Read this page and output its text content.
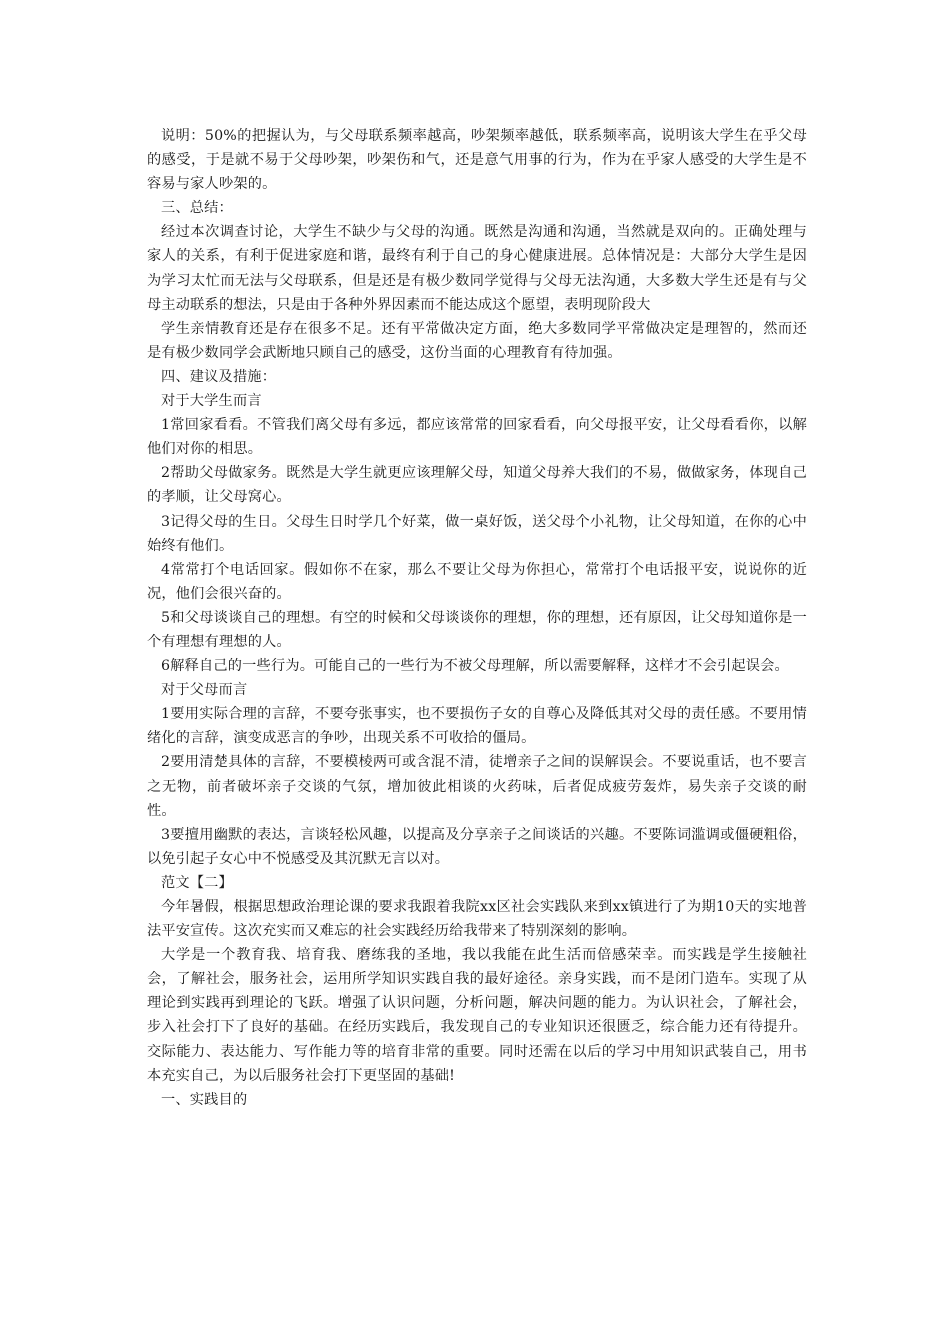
说明：50%的把握认为，与父母联系频率越高，吵架频率越低，联系频率高，说明该大学生在乎父母的感受，于是就不易于父母吵架，吵架伤和气，还是意气用事的行为，作为在乎家人感受的大学生是不容易与家人吵架的。

三、总结：

经过本次调查讨论，大学生不缺少与父母的沟通。既然是沟通和沟通，当然就是双向的。正确处理与家人的关系，有利于促进家庭和谐，最终有利于自己的身心健康进展。总体情况是：大部分大学生是因为学习太忙而无法与父母联系，但是还是有极少数同学觉得与父母无法沟通，大多数大学生还是有与父母主动联系的想法，只是由于各种外界因素而不能达成这个愿望，表明现阶段大

学生亲情教育还是存在很多不足。还有平常做决定方面，绝大多数同学平常做决定是理智的，然而还是有极少数同学会武断地只顾自己的感受，这份当面的心理教育有待加强。

四、建议及措施：

对于大学生而言

1常回家看看。不管我们离父母有多远，都应该常常的回家看看，向父母报平安，让父母看看你，以解他们对你的相思。

2帮助父母做家务。既然是大学生就更应该理解父母，知道父母养大我们的不易，做做家务，体现自己的孝顺，让父母窝心。

3记得父母的生日。父母生日时学几个好菜，做一桌好饭，送父母个小礼物，让父母知道，在你的心中始终有他们。

4常常打个电话回家。假如你不在家，那么不要让父母为你担心，常常打个电话报平安，说说你的近况，他们会很兴奋的。

5和父母谈谈自己的理想。有空的时候和父母谈谈你的理想，你的理想，还有原因，让父母知道你是一个有理想有理想的人。

6解释自己的一些行为。可能自己的一些行为不被父母理解，所以需要解释，这样才不会引起误会。

对于父母而言

1要用实际合理的言辞，不要夸张事实，也不要损伤子女的自尊心及降低其对父母的责任感。不要用情绪化的言辞，演变成恶言的争吵，出现关系不可收拾的僵局。

2要用清楚具体的言辞，不要模棱两可或含混不清，徒增亲子之间的误解误会。不要说重话，也不要言之无物，前者破坏亲子交谈的气氛，增加彼此相谈的火药味，后者促成疲劳轰炸，易失亲子交谈的耐性。

3要擅用幽默的表达，言谈轻松风趣，以提高及分享亲子之间谈话的兴趣。不要陈词滥调或僵硬粗俗，以免引起子女心中不悦感受及其沉默无言以对。

范文【二】

今年暑假，根据思想政治理论课的要求我跟着我院xx区社会实践队来到xx镇进行了为期10天的实地普法平安宣传。这次充实而又难忘的社会实践经历给我带来了特别深刻的影响。

大学是一个教育我、培育我、磨练我的圣地，我以我能在此生活而倍感荣幸。而实践是学生接触社会，了解社会，服务社会，运用所学知识实践自我的最好途径。亲身实践，而不是闭门造车。实现了从理论到实践再到理论的飞跃。增强了认识问题，分析问题，解决问题的能力。为认识社会，了解社会，步入社会打下了良好的基础。在经历实践后，我发现自己的专业知识还很匮乏，综合能力还有待提升。交际能力、表达能力、写作能力等的培育非常的重要。同时还需在以后的学习中用知识武装自己，用书本充实自己，为以后服务社会打下更坚固的基础!

一、实践目的
